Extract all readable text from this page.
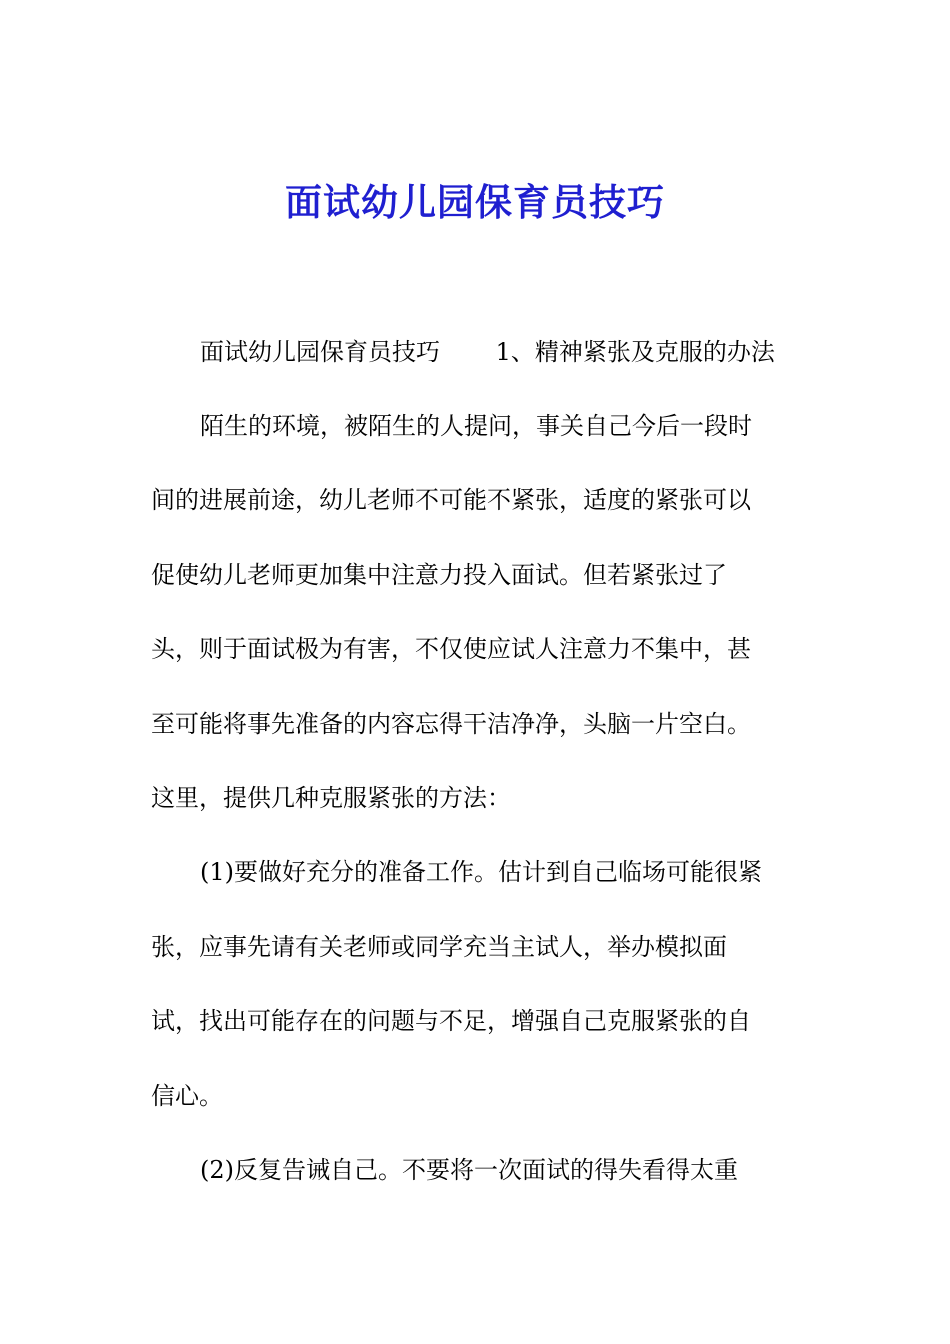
面试幼儿园保育员技巧

面试幼儿园保育员技巧　　 1、精神紧张及克服的办法

陌生的环境，被陌生的人提问，事关自己今后一段时

间的进展前途，幼儿老师不可能不紧张，适度的紧张可以

促使幼儿老师更加集中注意力投入面试。但若紧张过了

头，则于面试极为有害，不仅使应试人注意力不集中，甚

至可能将事先准备的内容忘得干洁净净，头脑一片空白。

这里，提供几种克服紧张的方法：

(1)要做好充分的准备工作。估计到自己临场可能很紧

张，应事先请有关老师或同学充当主试人，举办模拟面

试，找出可能存在的问题与不足，增强自己克服紧张的自

信心。

(2)反复告诫自己。不要将一次面试的得失看得太重
